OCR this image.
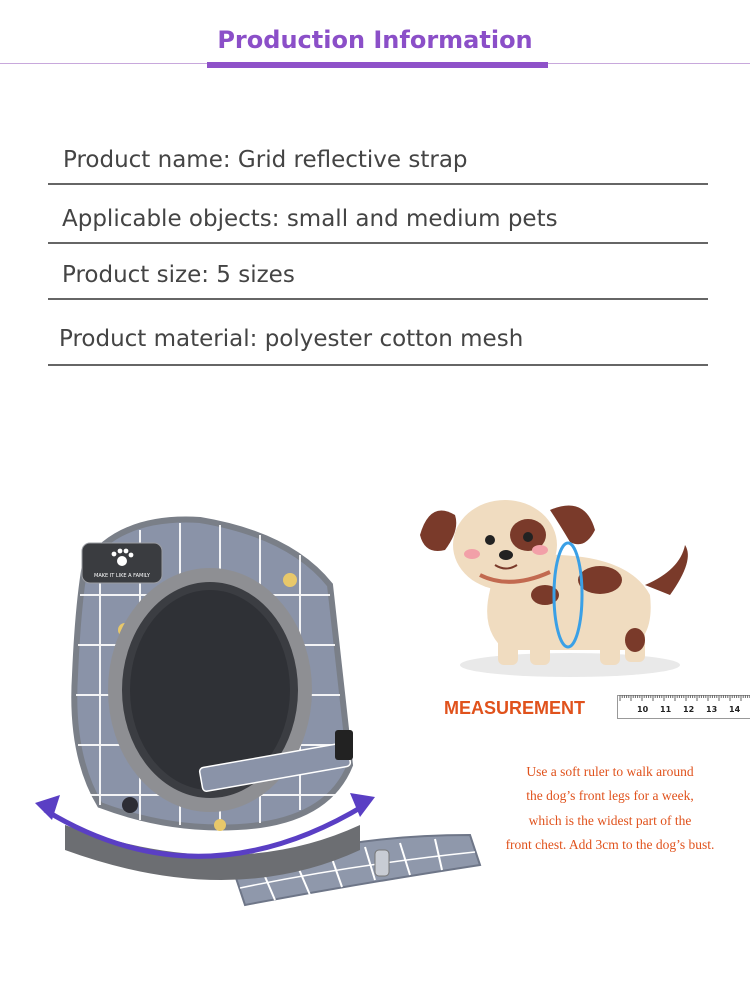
Production Information
Product name: Grid reflective strap
Applicable objects: small and medium pets
Product size: 5 sizes
Product material: polyester cotton mesh
MAKE IT LIKE A FAMILY
MEASUREMENT	10 11 12 13 14
Use a soft ruler to walk around
the dog’s front legs for a week,
which is the widest part of the
front chest. Add 3cm to the dog’s bust.
